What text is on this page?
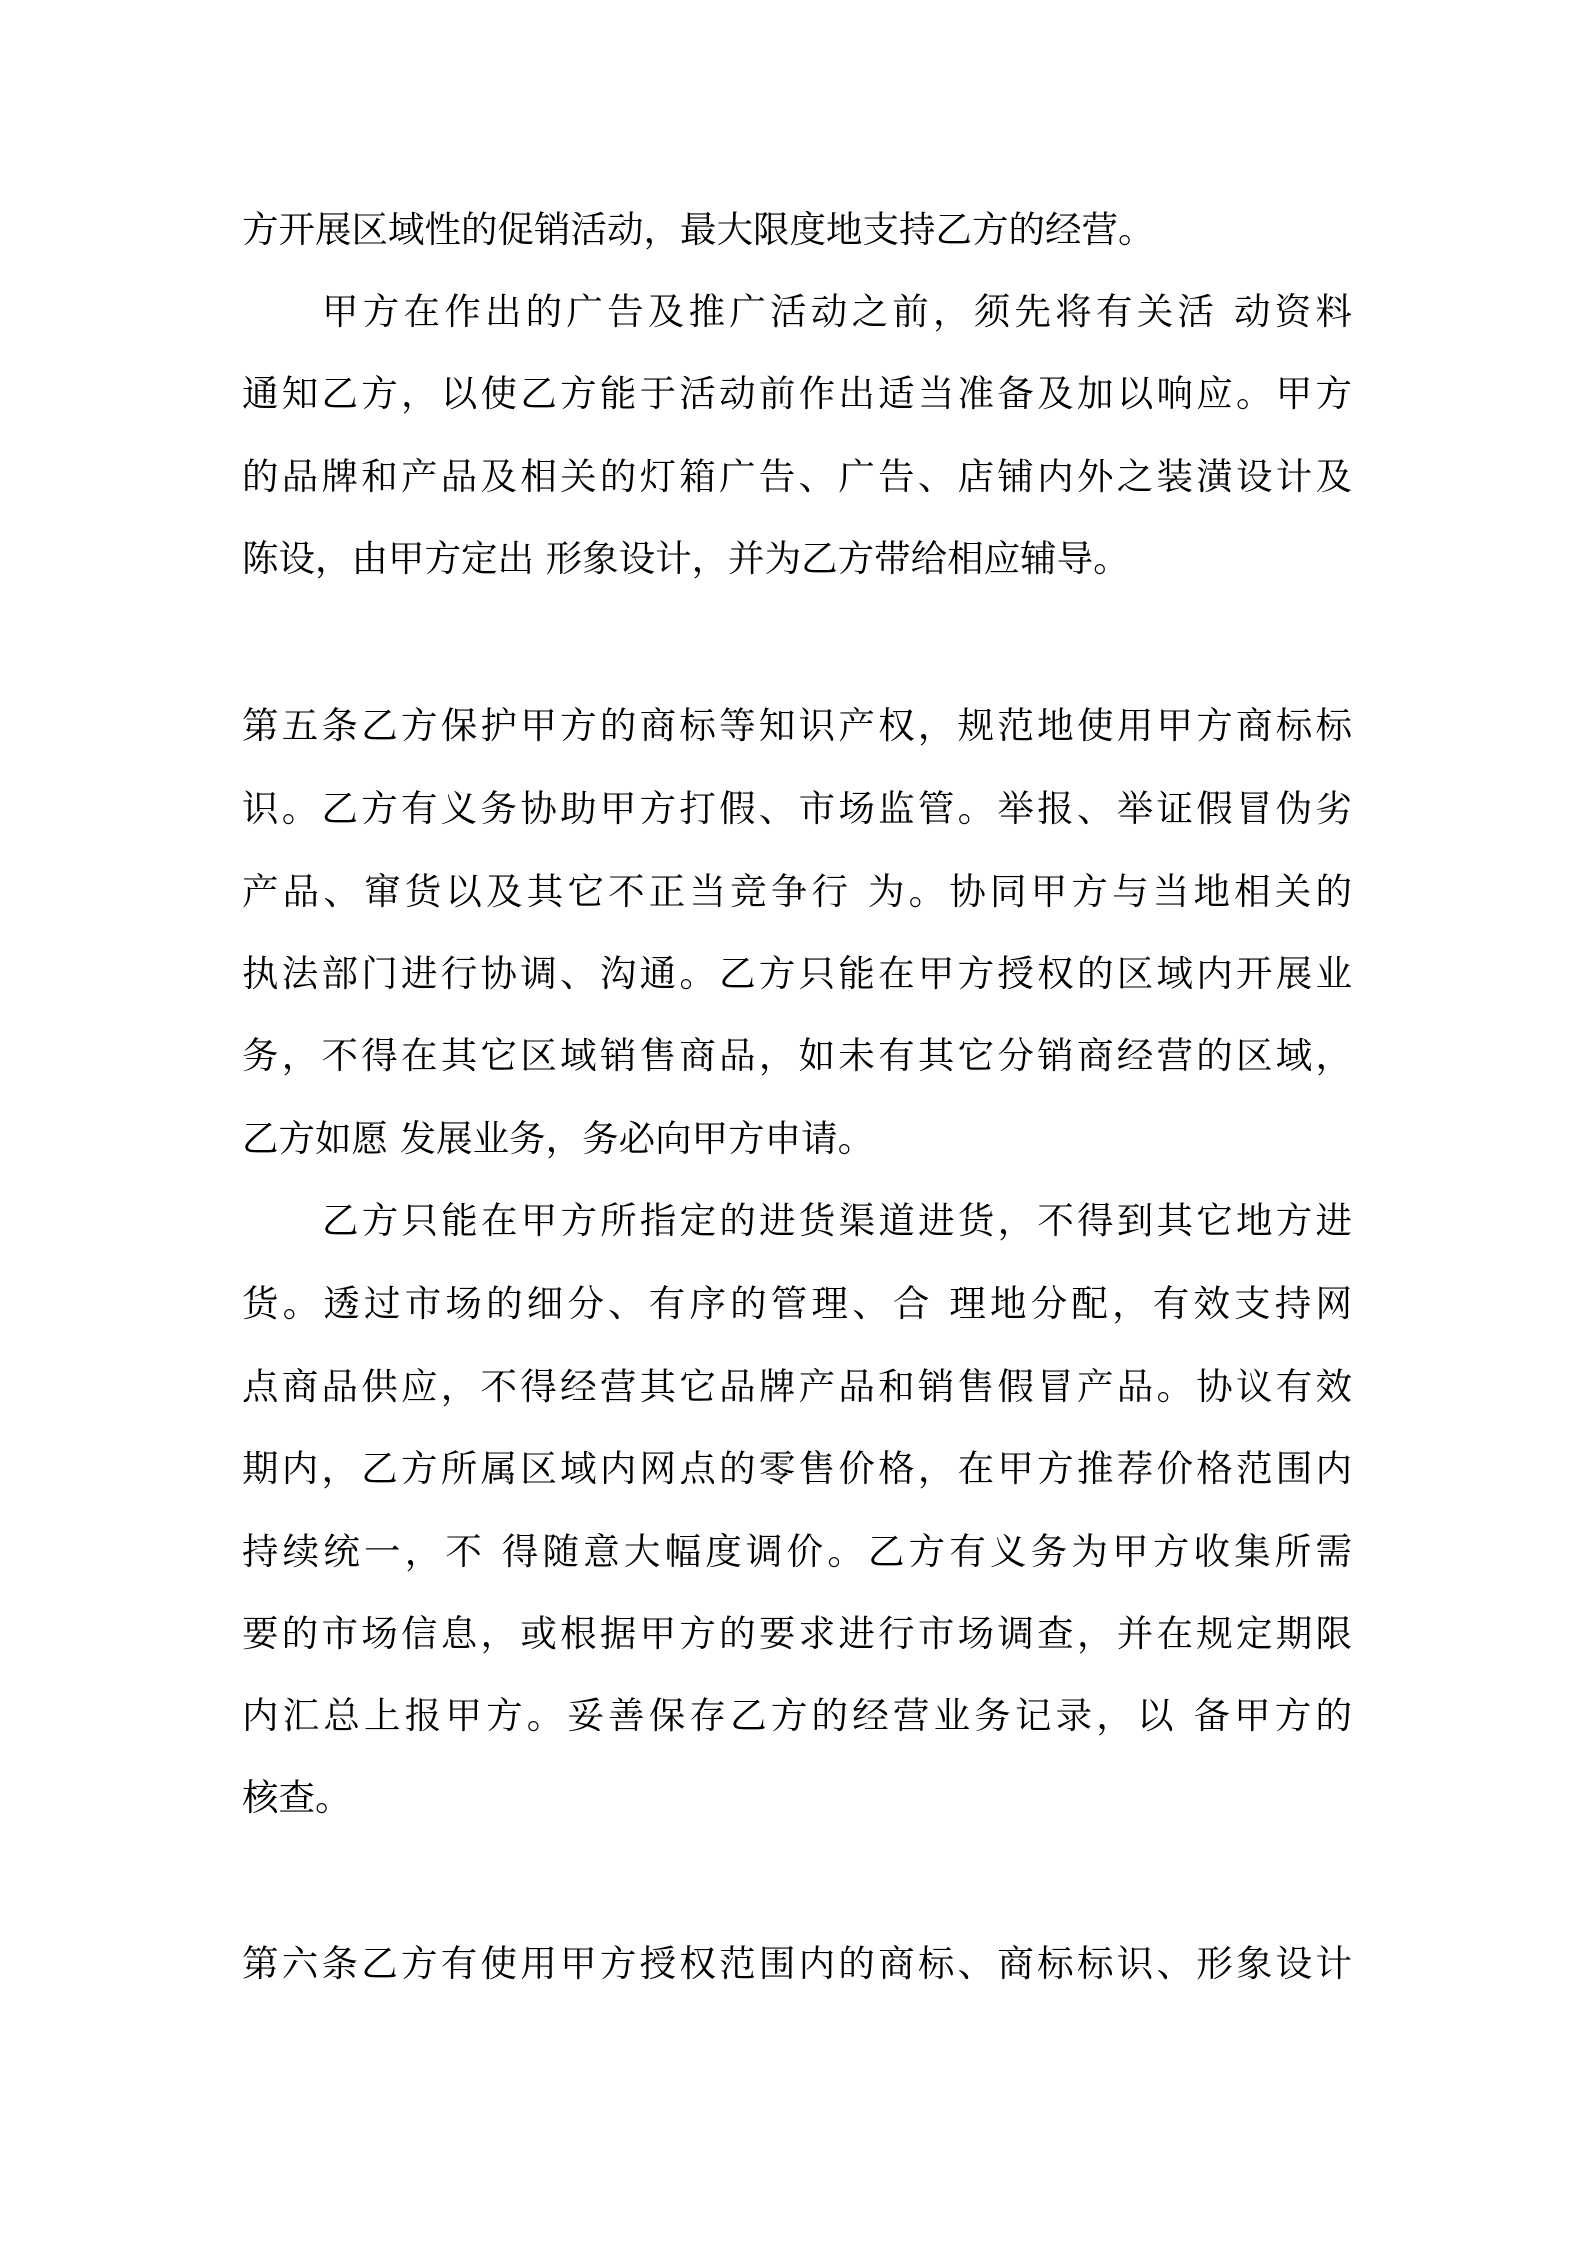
方开展区域性的促销活动，最大限度地支持乙方的经营。

甲方在作出的广告及推广活动之前，须先将有关活 动资料

通知乙方，以使乙方能于活动前作出适当准备及加以响应。甲方

的品牌和产品及相关的灯箱广告、广告、店铺内外之装潢设计及

陈设，由甲方定出 形象设计，并为乙方带给相应辅导。

第五条乙方保护甲方的商标等知识产权，规范地使用甲方商标标

识。乙方有义务协助甲方打假、市场监管。举报、举证假冒伪劣

产品、窜货以及其它不正当竞争行 为。协同甲方与当地相关的

执法部门进行协调、沟通。乙方只能在甲方授权的区域内开展业

务，不得在其它区域销售商品，如未有其它分销商经营的区域，

乙方如愿 发展业务，务必向甲方申请。

乙方只能在甲方所指定的进货渠道进货，不得到其它地方进

货。透过市场的细分、有序的管理、合 理地分配，有效支持网

点商品供应，不得经营其它品牌产品和销售假冒产品。协议有效

期内，乙方所属区域内网点的零售价格，在甲方推荐价格范围内

持续统一，不 得随意大幅度调价。乙方有义务为甲方收集所需

要的市场信息，或根据甲方的要求进行市场调查，并在规定期限

内汇总上报甲方。妥善保存乙方的经营业务记录，以 备甲方的

核查。

第六条乙方有使用甲方授权范围内的商标、商标标识、形象设计
